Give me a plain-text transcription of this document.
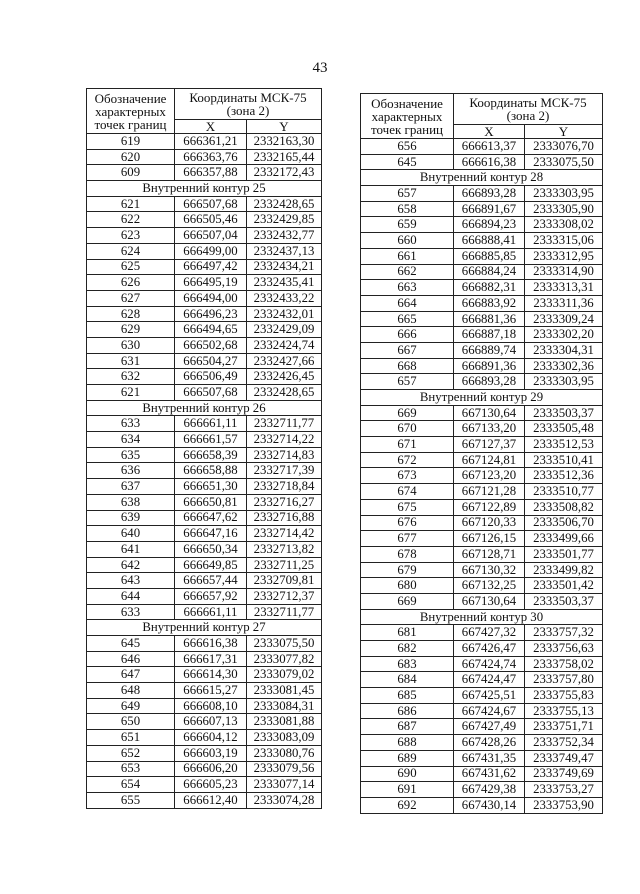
43
Обозначение характерных точек границ	Координаты МСК-75 (зона 2)	
	X	Y
619	666361,21	2332163,30
620	666363,76	2332165,44
609	666357,88	2332172,43
Внутренний контур 25		
621	666507,68	2332428,65
622	666505,46	2332429,85
623	666507,04	2332432,77
624	666499,00	2332437,13
625	666497,42	2332434,21
626	666495,19	2332435,41
627	666494,00	2332433,22
628	666496,23	2332432,01
629	666494,65	2332429,09
630	666502,68	2332424,74
631	666504,27	2332427,66
632	666506,49	2332426,45
621	666507,68	2332428,65
Внутренний контур 26		
633	666661,11	2332711,77
634	666661,57	2332714,22
635	666658,39	2332714,83
636	666658,88	2332717,39
637	666651,30	2332718,84
638	666650,81	2332716,27
639	666647,62	2332716,88
640	666647,16	2332714,42
641	666650,34	2332713,82
642	666649,85	2332711,25
643	666657,44	2332709,81
644	666657,92	2332712,37
633	666661,11	2332711,77
Внутренний контур 27		
645	666616,38	2333075,50
646	666617,31	2333077,82
647	666614,30	2333079,02
648	666615,27	2333081,45
649	666608,10	2333084,31
650	666607,13	2333081,88
651	666604,12	2333083,09
652	666603,19	2333080,76
653	666606,20	2333079,56
654	666605,23	2333077,14
655	666612,40	2333074,28
Обозначение характерных точек границ	Координаты МСК-75 (зона 2)	
	X	Y
656	666613,37	2333076,70
645	666616,38	2333075,50
Внутренний контур 28		
657	666893,28	2333303,95
658	666891,67	2333305,90
659	666894,23	2333308,02
660	666888,41	2333315,06
661	666885,85	2333312,95
662	666884,24	2333314,90
663	666882,31	2333313,31
664	666883,92	2333311,36
665	666881,36	2333309,24
666	666887,18	2333302,20
667	666889,74	2333304,31
668	666891,36	2333302,36
657	666893,28	2333303,95
Внутренний контур 29		
669	667130,64	2333503,37
670	667133,20	2333505,48
671	667127,37	2333512,53
672	667124,81	2333510,41
673	667123,20	2333512,36
674	667121,28	2333510,77
675	667122,89	2333508,82
676	667120,33	2333506,70
677	667126,15	2333499,66
678	667128,71	2333501,77
679	667130,32	2333499,82
680	667132,25	2333501,42
669	667130,64	2333503,37
Внутренний контур 30		
681	667427,32	2333757,32
682	667426,47	2333756,63
683	667424,74	2333758,02
684	667424,47	2333757,80
685	667425,51	2333755,83
686	667424,67	2333755,13
687	667427,49	2333751,71
688	667428,26	2333752,34
689	667431,35	2333749,47
690	667431,62	2333749,69
691	667429,38	2333753,27
692	667430,14	2333753,90
